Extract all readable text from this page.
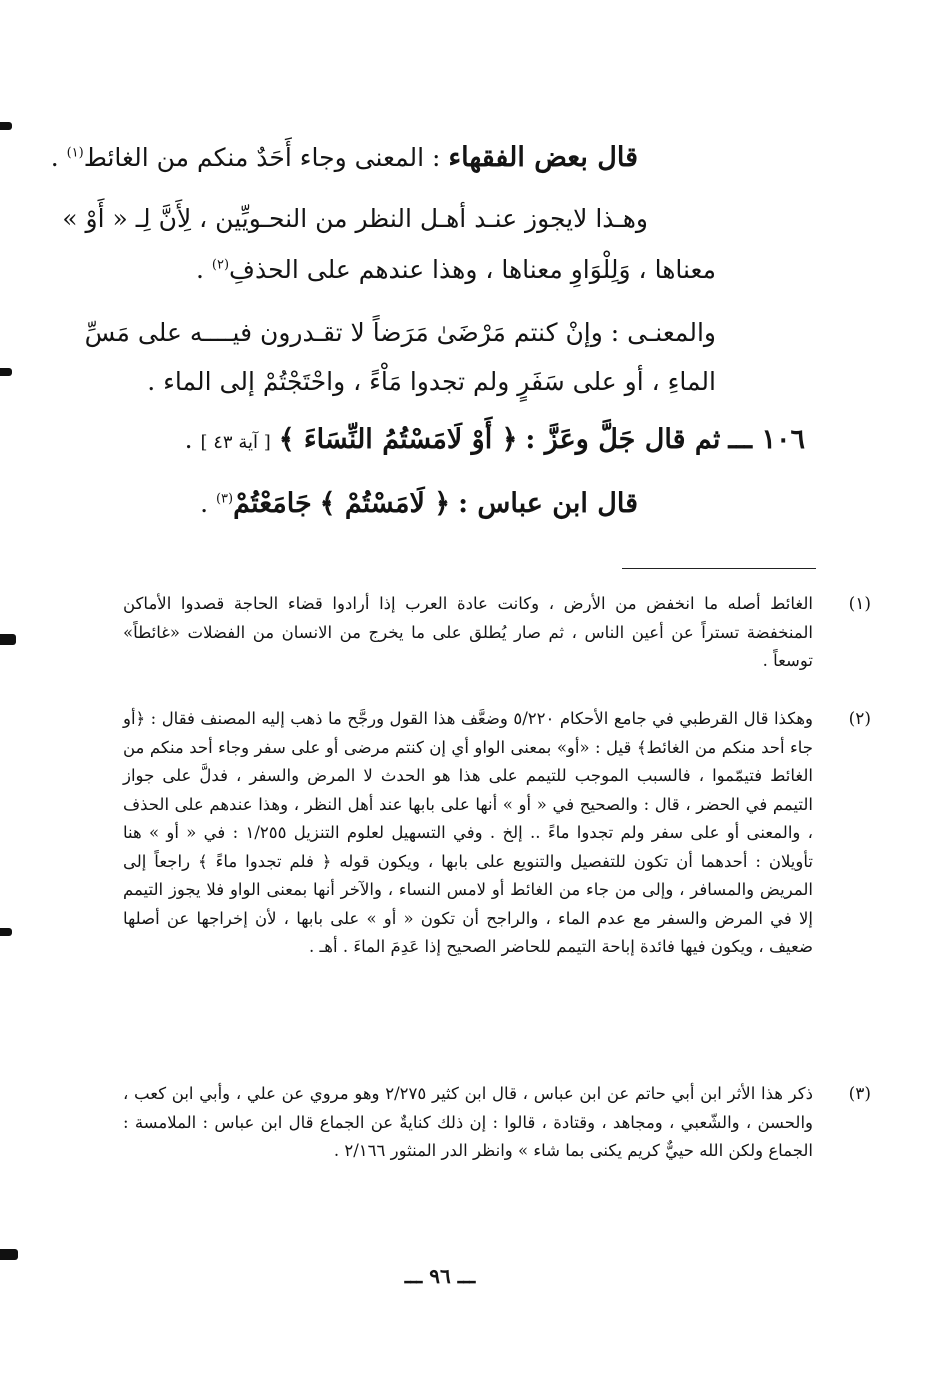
قال بعض الفقهاء : المعنى وجاء أَحَدٌ منكم من الغائط$^{(١)}$ .
وهـذا لايجوز عنـد أهـل النظر من النحـويِّين ، لِأَنَّ لِـ « أَوْ »
معناها ، وَلِلْوَاوِ معناها ، وهذا عندهم على الحذفِ$^{(٢)}$ .
والمعنـى : وإنْ كنتم مَرْضَىٰ مَرَضاً لا تقـدرون فيــــه على مَسِّ
الماءِ ، أو على سَفَرٍ ولم تجدوا مَاْءً ، واحْتَجْتُمْ إلى الماء .
١٠٦ ـــ ثم قال جَلَّ وعَزَّ : ﴿ أَوْ لَامَسْتُمُ النِّسَاءَ ﴾ [ آية ٤٣ ] .
قال ابن عباس : ﴿ لَامَسْتُمْ ﴾ جَامَعْتُمْ$^{(٣)}$ .
(١)
الغائط أصله ما انخفض من الأرض ، وكانت عادة العرب إذا أرادوا قضاء الحاجة قصدوا الأماكن المنخفضة تستراً عن أعين الناس ، ثم صار يُطلق على ما يخرج من الانسان من الفضلات «غائطاً» توسعاً .
(٢)
وهكذا قال القرطبي في جامع الأحكام ٥/٢٢٠ وضعَّف هذا القول ورجَّح ما ذهب إليه المصنف فقال : ﴿أو جاء أحد منكم من الغائط﴾ قيل : «أو» بمعنى الواو أي إن كنتم مرضى أو على سفر وجاء أحد منكم من الغائط فتيمّموا ، فالسبب الموجب للتيمم على هذا هو الحدث لا المرض والسفر ، فدلَّ على جواز التيمم في الحضر ، قال : والصحيح في « أو » أنها على بابها عند أهل النظر ، وهذا عندهم على الحذف ، والمعنى أو على سفر ولم تجدوا ماءً .. إلخ . وفي التسهيل لعلوم التنزيل ١/٢٥٥ : في « أو » هنا تأويلان : أحدهما أن تكون للتفصيل والتنويع على بابها ، ويكون قوله ﴿ فلم تجدوا ماءً ﴾ راجعاً إلى المريض والمسافر ، وإلى من جاء من الغائط أو لامس النساء ، والآخر أنها بمعنى الواو فلا يجوز التيمم إلا في المرض والسفر مع عدم الماء ، والراجح أن تكون « أو » على بابها ، لأن إخراجها عن أصلها ضعيف ، ويكون فيها فائدة إباحة التيمم للحاضر الصحيح إذا عَدِمَ الماءَ . أهـ .
(٣)
ذكر هذا الأثر ابن أبي حاتم عن ابن عباس ، قال ابن كثير ٢/٢٧٥ وهو مروي عن علي ، وأبي ابن كعب ، والحسن ، والشّعبي ، ومجاهد ، وقتادة ، قالوا : إن ذلك كنايةٌ عن الجماع قال ابن عباس : الملامسة : الجماع ولكن الله حييٌّ كريم يكنى بما شاء » وانظر الدر المنثور ٢/١٦٦ .
ـــ ٩٦ ـــ
